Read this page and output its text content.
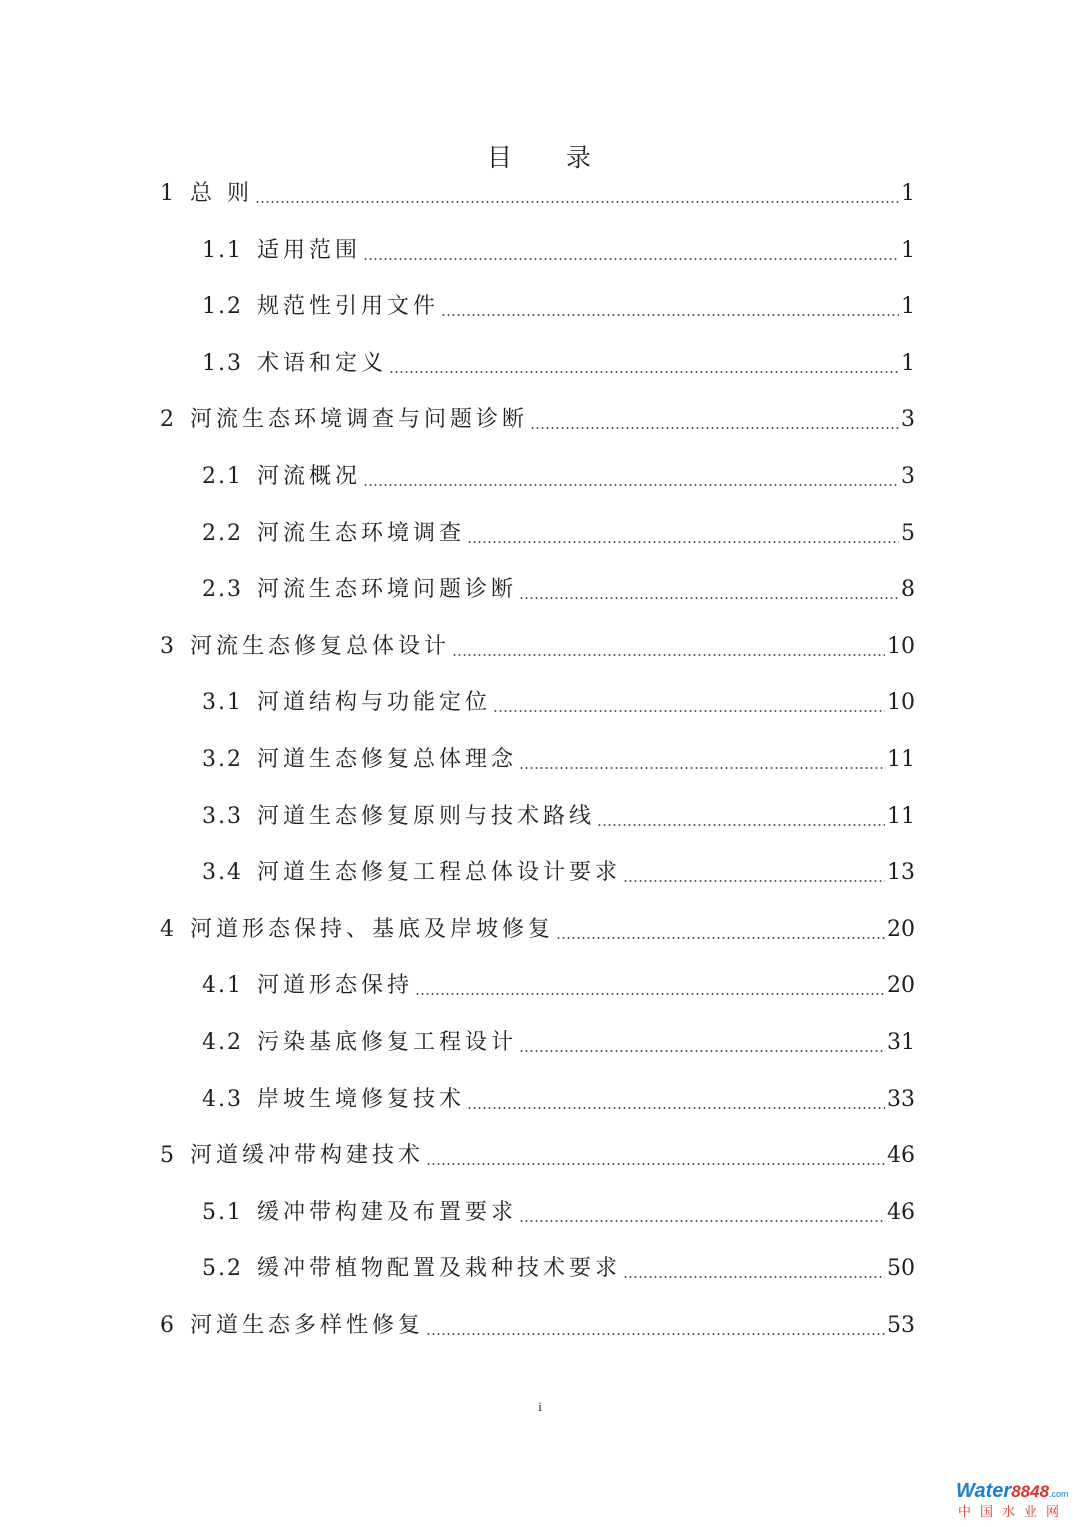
目 录
1 总 则	1
1.1 适用范围	1
1.2 规范性引用文件	1
1.3 术语和定义	1
2 河流生态环境调查与问题诊断	3
2.1 河流概况	3
2.2 河流生态环境调查	5
2.3 河流生态环境问题诊断	8
3 河流生态修复总体设计	10
3.1 河道结构与功能定位	10
3.2 河道生态修复总体理念	11
3.3 河道生态修复原则与技术路线	11
3.4 河道生态修复工程总体设计要求	13
4 河道形态保持、基底及岸坡修复	20
4.1 河道形态保持	20
4.2 污染基底修复工程设计	31
4.3 岸坡生境修复技术	33
5 河道缓冲带构建技术	46
5.1 缓冲带构建及布置要求	46
5.2 缓冲带植物配置及栽种技术要求	50
6 河道生态多样性修复	53
i
Water8848.com
中国水业网
